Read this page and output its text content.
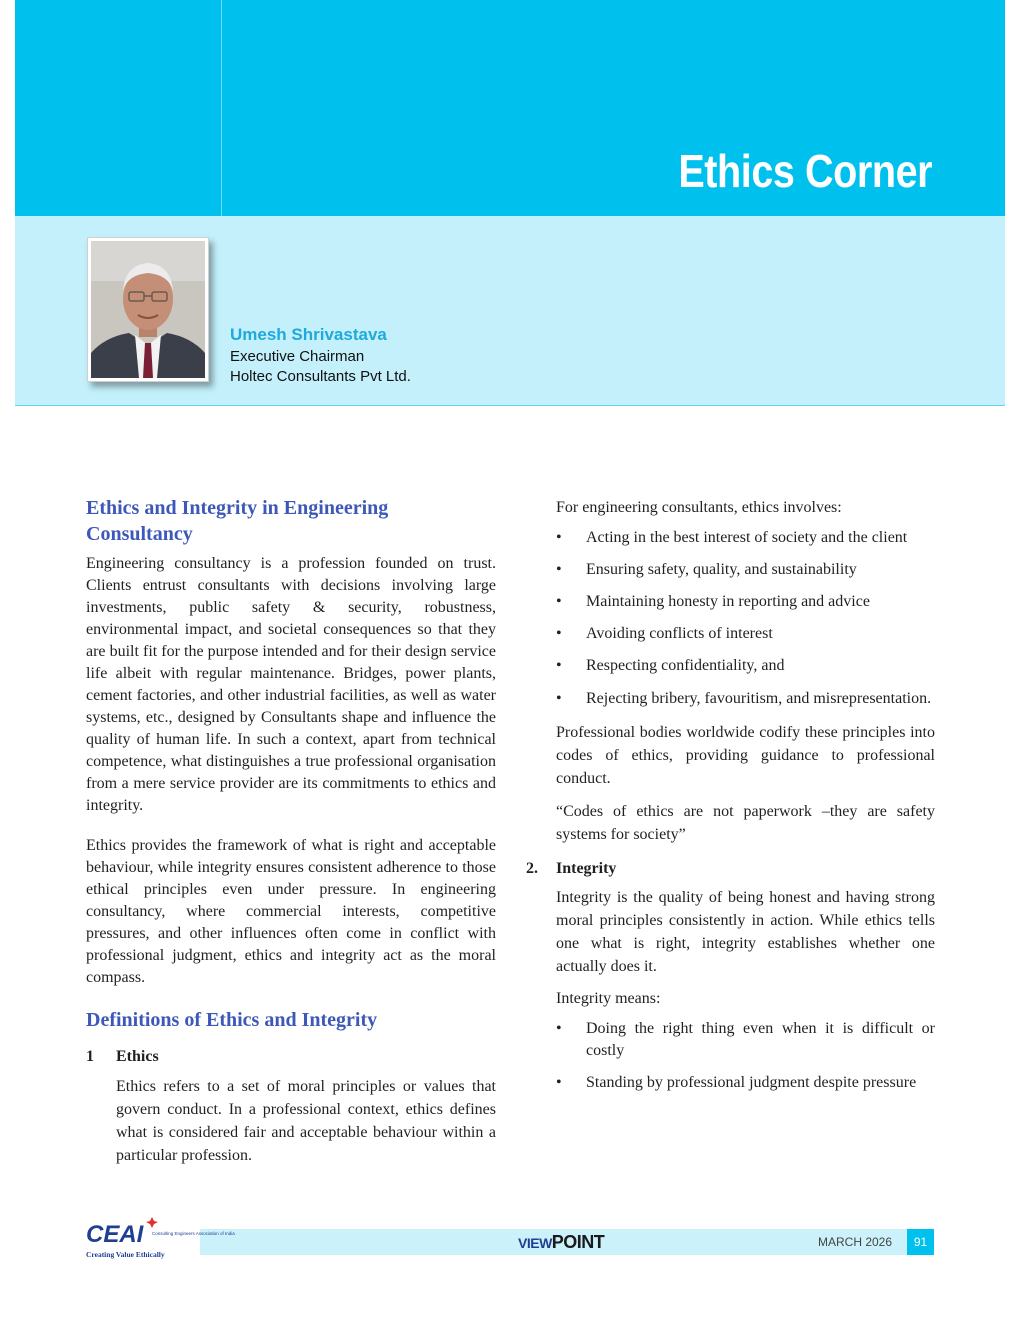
Ethics Corner

Umesh Shrivastava

Executive Chairman

Holtec Consultants Pvt Ltd.

Ethics and Integrity in Engineering Consultancy

Engineering consultancy is a profession founded on trust. Clients entrust consultants with decisions involving large investments, public safety & security, robustness, environmental impact, and societal consequences so that they are built fit for the purpose intended and for their design service life albeit with regular maintenance. Bridges, power plants, cement factories, and other industrial facilities, as well as water systems, etc., designed by Consultants shape and influence the quality of human life. In such a context, apart from technical competence, what distinguishes a true professional organisation from a mere service provider are its commitments to ethics and integrity.

Ethics provides the framework of what is right and acceptable behaviour, while integrity ensures consistent adherence to those ethical principles even under pressure. In engineering consultancy, where commercial interests, competitive pressures, and other influences often come in conflict with professional judgment, ethics and integrity act as the moral compass.

Definitions of Ethics and Integrity
1	Ethics

Ethics refers to a set of moral principles or values that govern conduct. In a professional context, ethics defines what is considered fair and acceptable behaviour within a particular profession.

For engineering consultants, ethics involves:

• Acting in the best interest of society and the client
• Ensuring safety, quality, and sustainability
• Maintaining honesty in reporting and advice
• Avoiding conflicts of interest
• Respecting confidentiality, and
• Rejecting bribery, favouritism, and misrepresentation.

Professional bodies worldwide codify these principles into codes of ethics, providing guidance to professional conduct.

“Codes of ethics are not paperwork –they are safety systems for society”

2.	Integrity

Integrity is the quality of being honest and having strong moral principles consistently in action. While ethics tells one what is right, integrity establishes whether one actually does it.

Integrity means:

• Doing the right thing even when it is difficult or costly
• Standing by professional judgment despite pressure
CEAI Consulting Engineers Association of India
Creating Value Ethically
VIEWPOINT	MARCH 2026	91
